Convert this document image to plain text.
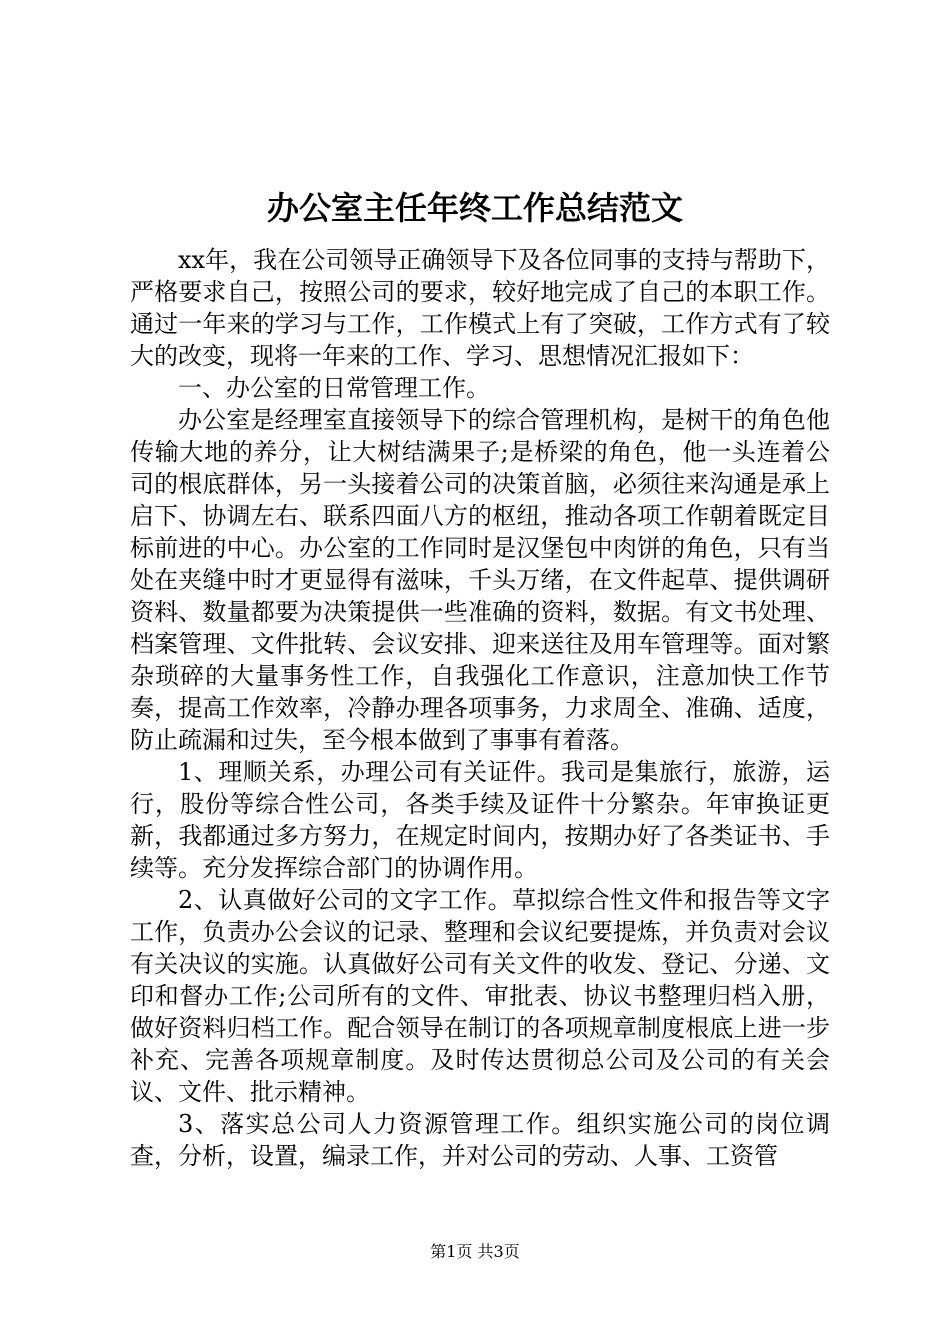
办公室主任年终工作总结范文

xx年，我在公司领导正确领导下及各位同事的支持与帮助下，严格要求自己，按照公司的要求，较好地完成了自己的本职工作。通过一年来的学习与工作，工作模式上有了突破，工作方式有了较大的改变，现将一年来的工作、学习、思想情况汇报如下：

一、办公室的日常管理工作。

办公室是经理室直接领导下的综合管理机构，是树干的角色他传输大地的养分，让大树结满果子;是桥梁的角色，他一头连着公司的根底群体，另一头接着公司的决策首脑，必须往来沟通是承上启下、协调左右、联系四面八方的枢纽，推动各项工作朝着既定目标前进的中心。办公室的工作同时是汉堡包中肉饼的角色，只有当处在夹缝中时才更显得有滋味，千头万绪，在文件起草、提供调研资料、数量都要为决策提供一些准确的资料，数据。有文书处理、档案管理、文件批转、会议安排、迎来送往及用车管理等。面对繁杂琐碎的大量事务性工作，自我强化工作意识，注意加快工作节奏，提高工作效率，冷静办理各项事务，力求周全、准确、适度，防止疏漏和过失，至今根本做到了事事有着落。

1、理顺关系，办理公司有关证件。我司是集旅行，旅游，运行，股份等综合性公司，各类手续及证件十分繁杂。年审换证更新，我都通过多方努力，在规定时间内，按期办好了各类证书、手续等。充分发挥综合部门的协调作用。

2、认真做好公司的文字工作。草拟综合性文件和报告等文字工作，负责办公会议的记录、整理和会议纪要提炼，并负责对会议有关决议的实施。认真做好公司有关文件的收发、登记、分递、文印和督办工作;公司所有的文件、审批表、协议书整理归档入册，做好资料归档工作。配合领导在制订的各项规章制度根底上进一步补充、完善各项规章制度。及时传达贯彻总公司及公司的有关会议、文件、批示精神。

3、落实总公司人力资源管理工作。组织实施公司的岗位调查，分析，设置，编录工作，并对公司的劳动、人事、工资管

第1页 共3页
